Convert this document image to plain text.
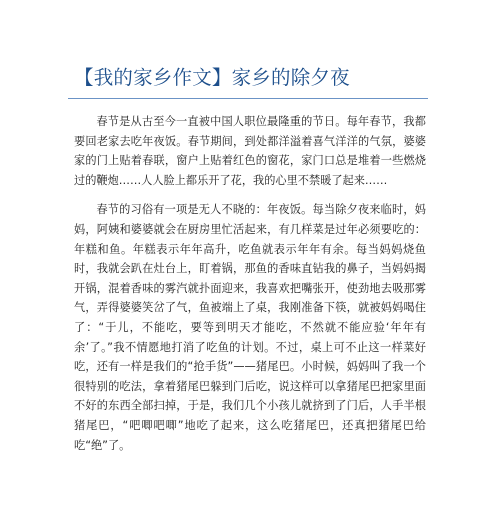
【我的家乡作文】家乡的除夕夜

春节是从古至今一直被中国人职位最隆重的节日。每年春节，我都要回老家去吃年夜饭。春节期间，到处都洋溢着喜气洋洋的气氛，婆婆家的门上贴着春联，窗户上贴着红色的窗花，家门口总是堆着一些燃烧过的鞭炮……人人脸上都乐开了花，我的心里不禁暖了起来……

春节的习俗有一项是无人不晓的：年夜饭。每当除夕夜来临时，妈妈，阿姨和婆婆就会在厨房里忙活起来，有几样菜是过年必须要吃的：年糕和鱼。年糕表示年年高升，吃鱼就表示年年有余。每当妈妈烧鱼时，我就会趴在灶台上，盯着锅，那鱼的香味直钻我的鼻子，当妈妈揭开锅，混着香味的雾汽就扑面迎来，我喜欢把嘴张开，使劲地去吸那雾气，弄得婆婆笑岔了气，鱼被端上了桌，我刚准备下筷，就被妈妈喝住了：“于儿，不能吃，要等到明天才能吃，不然就不能应验‘年年有余’了。”我不情愿地打消了吃鱼的计划。不过，桌上可不止这一样菜好吃，还有一样是我们的“抢手货”——猪尾巴。小时候，妈妈叫了我一个很特别的吃法，拿着猪尾巴躲到门后吃，说这样可以拿猪尾巴把家里面不好的东西全部扫掉，于是，我们几个小孩儿就挤到了门后，人手半根猪尾巴，“吧唧吧唧”地吃了起来，这么吃猪尾巴，还真把猪尾巴给吃“绝”了。
